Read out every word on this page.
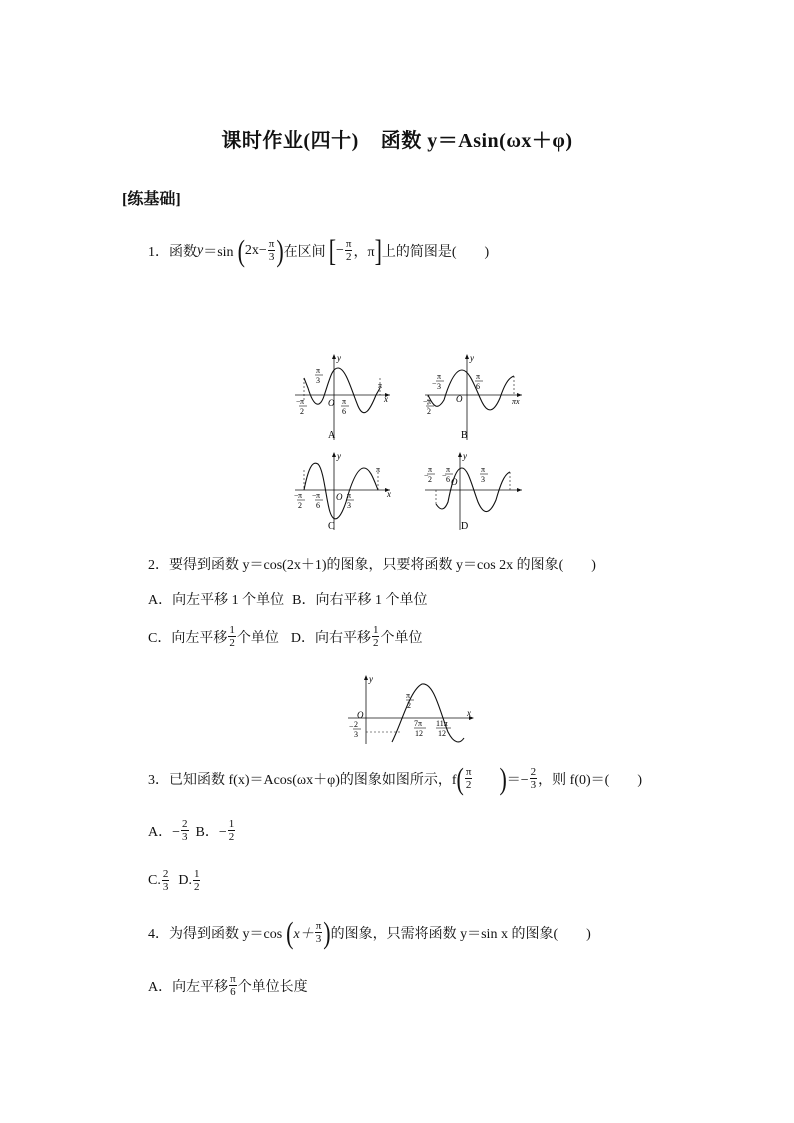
课时作业(四十) 函数 y＝Asin(ωx＋φ)
[练基础]
1．函数 y ＝sin ( $2x- \frac{\pi}{3}$ ) 在区间 [ − $\frac{\pi}{2}$ ，π ] 上的简图是(　　)
y
x
O
π
3
− π
2
π
6
π
A
y
O
−
π
3
− π
2
π
6
πx
B
y
x
O
π
− π
2
− π
6
π
3
C
y
O
−
π
2 −
π
6
π
3
D
2．要得到函数 y＝cos(2x＋1)的图象，只要将函数 y＝cos 2x 的图象(　　)
A．向左平移 1 个单位 B．向右平移 1 个单位
C．向左平移 $\frac{1}{2}$ 个单位 D．向右平移 $\frac{1}{2}$ 个单位
y
x
O
π
2
− 2
3
7π
12
11π
12
3．已知函数 f(x)＝Acos(ωx＋φ)的图象如图所示，f ( $\frac{\pi}{2}$ ) ＝− $\frac{2}{3}$ ，则 f(0)＝(　　)
A．− $\frac{2}{3}$ B．− $\frac{1}{2}$
C. $\frac{2}{3} D$. $\frac{1}{2}$
4．为得到函数 y＝cos ( $x+ \frac{\pi}{3}$ ) 的图象，只需将函数 y＝sin x 的图象(　　)
A．向左平移 $\frac{\pi}{6}$ 个单位长度
